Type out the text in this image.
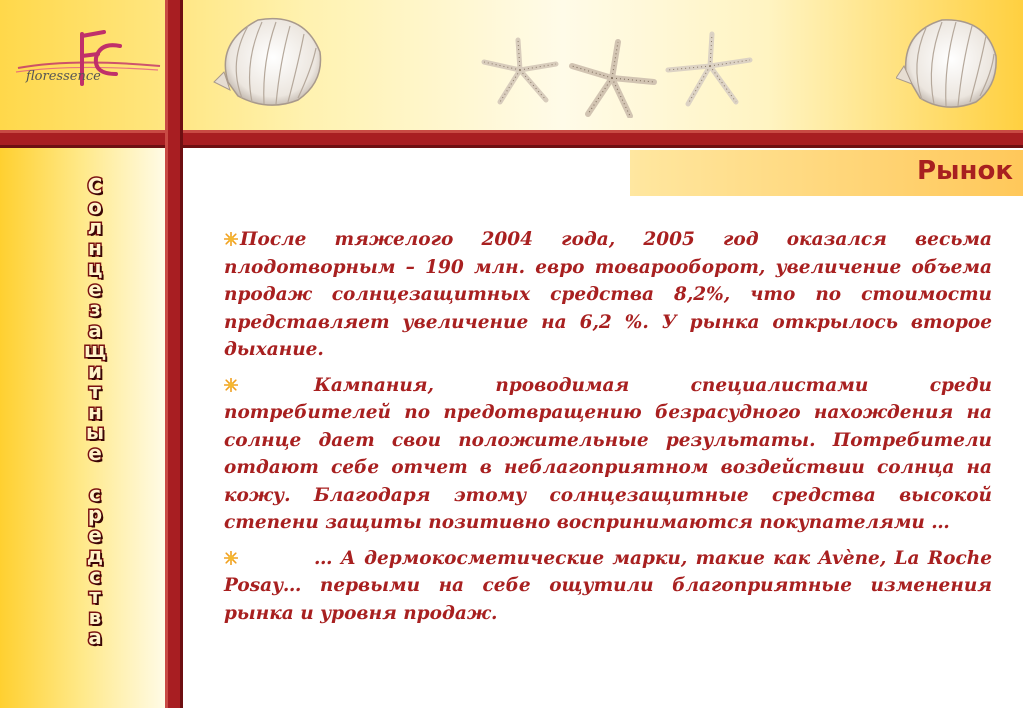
floressence
Рынок
С
о
л
н
ц
е
з
а
щ
и
т
н
ы
е

с
р
е
д
с
т
в
а

После тяжелого 2004 года, 2005 год оказался весьма плодотворным – 190 млн. евро товарооборот, увеличение объема продаж солнцезащитных средства 8,2%, что по стоимости представляет увеличение на 6,2 %. У рынка открылось второе дыхание.

    Кампания, проводимая специалистами среди потребителей по предотвращению безрасудного нахождения на солнце дает свои положительные результаты. Потребители отдают себе отчет в неблагоприятном воздействии солнца на кожу. Благодаря этому солнцезащитные средства высокой степени защиты позитивно воспринимаются покупателями …

    … А дермокосметические марки, такие как Avène, La Roche Posay… первыми на себе ощутили благоприятные изменения рынка и уровня продаж.
